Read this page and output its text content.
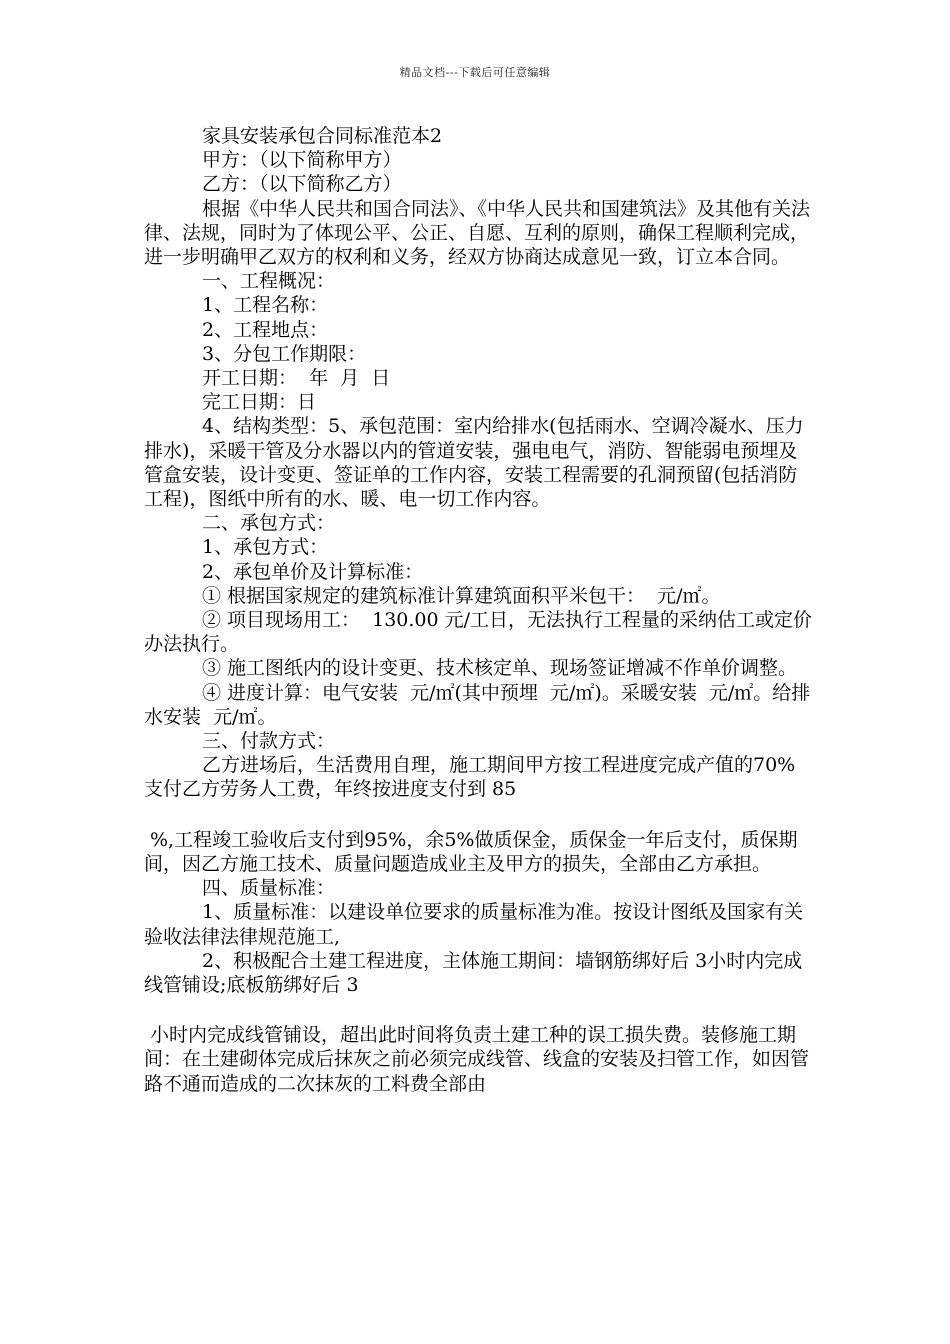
精品文档---下载后可任意编辑

家具安装承包合同标准范本2

甲方：（以下简称甲方）

乙方：（以下简称乙方）

根据《中华人民共和国合同法》、《中华人民共和国建筑法》及其他有关法律、法规，同时为了体现公平、公正、自愿、互利的原则，确保工程顺利完成，进一步明确甲乙双方的权利和义务，经双方协商达成意见一致，订立本合同。

一、工程概况：

1、工程名称：

2、工程地点：

3、分包工作期限：

开工日期：  年  月  日

完工日期：日

4、结构类型：5、承包范围：室内给排水(包括雨水、空调冷凝水、压力排水)，采暖干管及分水器以内的管道安装，强电电气，消防、智能弱电预埋及管盒安装，设计变更、签证单的工作内容，安装工程需要的孔洞预留(包括消防工程)，图纸中所有的水、暖、电一切工作内容。

二、承包方式：

1、承包方式：

2、承包单价及计算标准：

① 根据国家规定的建筑标准计算建筑面积平米包干：  元/㎡。

② 项目现场用工：  130.00 元/工日，无法执行工程量的采纳估工或定价办法执行。

③ 施工图纸内的设计变更、技术核定单、现场签证增减不作单价调整。

④ 进度计算：电气安装  元/㎡(其中预埋  元/㎡)。采暖安装  元/㎡。给排水安装  元/㎡。

三、付款方式：

乙方进场后，生活费用自理，施工期间甲方按工程进度完成产值的70%支付乙方劳务人工费，年终按进度支付到 85

%,工程竣工验收后支付到95%，余5%做质保金，质保金一年后支付，质保期间，因乙方施工技术、质量问题造成业主及甲方的损失，全部由乙方承担。

四、质量标准：

1、质量标准：以建设单位要求的质量标准为准。按设计图纸及国家有关验收法律法律规范施工,

2、积极配合土建工程进度，主体施工期间：墙钢筋绑好后 3小时内完成线管铺设;底板筋绑好后 3

小时内完成线管铺设，超出此时间将负责土建工种的误工损失费。装修施工期间：在土建砌体完成后抹灰之前必须完成线管、线盒的安装及扫管工作，如因管路不通而造成的二次抹灰的工料费全部由
